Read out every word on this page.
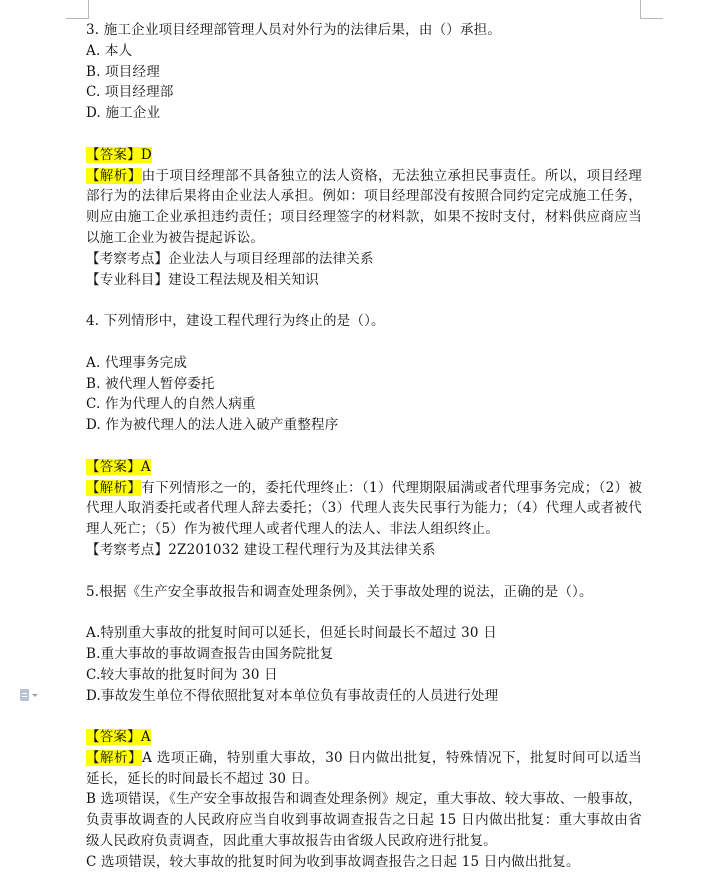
3. 施工企业项目经理部管理人员对外行为的法律后果，由（）承担。
A. 本人
B. 项目经理
C. 项目经理部
D. 施工企业
【答案】D
【解析】由于项目经理部不具备独立的法人资格，无法独立承担民事责任。所以，项目经理部行为的法律后果将由企业法人承担。例如：项目经理部没有按照合同约定完成施工任务，则应由施工企业承担违约责任；项目经理签字的材料款，如果不按时支付，材料供应商应当以施工企业为被告提起诉讼。
【考察考点】企业法人与项目经理部的法律关系
【专业科目】建设工程法规及相关知识
4. 下列情形中，建设工程代理行为终止的是（）。
A. 代理事务完成
B. 被代理人暂停委托
C. 作为代理人的自然人病重
D. 作为被代理人的法人进入破产重整程序
【答案】A
【解析】有下列情形之一的，委托代理终止：（1）代理期限届满或者代理事务完成；（2）被代理人取消委托或者代理人辞去委托；（3）代理人丧失民事行为能力；（4）代理人或者被代理人死亡；（5）作为被代理人或者代理人的法人、非法人组织终止。
【考察考点】2Z201032 建设工程代理行为及其法律关系
5.根据《生产安全事故报告和调查处理条例》，关于事故处理的说法，正确的是（）。
A.特别重大事故的批复时间可以延长，但延长时间最长不超过 30 日
B.重大事故的事故调查报告由国务院批复
C.较大事故的批复时间为 30 日
D.事故发生单位不得依照批复对本单位负有事故责任的人员进行处理
【答案】A
【解析】A 选项正确，特别重大事故，30 日内做出批复，特殊情况下，批复时间可以适当延长，延长的时间最长不超过 30 日。
B 选项错误，《生产安全事故报告和调查处理条例》规定，重大事故、较大事故、一般事故，负责事故调查的人民政府应当自收到事故调查报告之日起 15 日内做出批复：重大事故由省级人民政府负责调查，因此重大事故报告由省级人民政府进行批复。
C 选项错误，较大事故的批复时间为收到事故调查报告之日起 15 日内做出批复。
